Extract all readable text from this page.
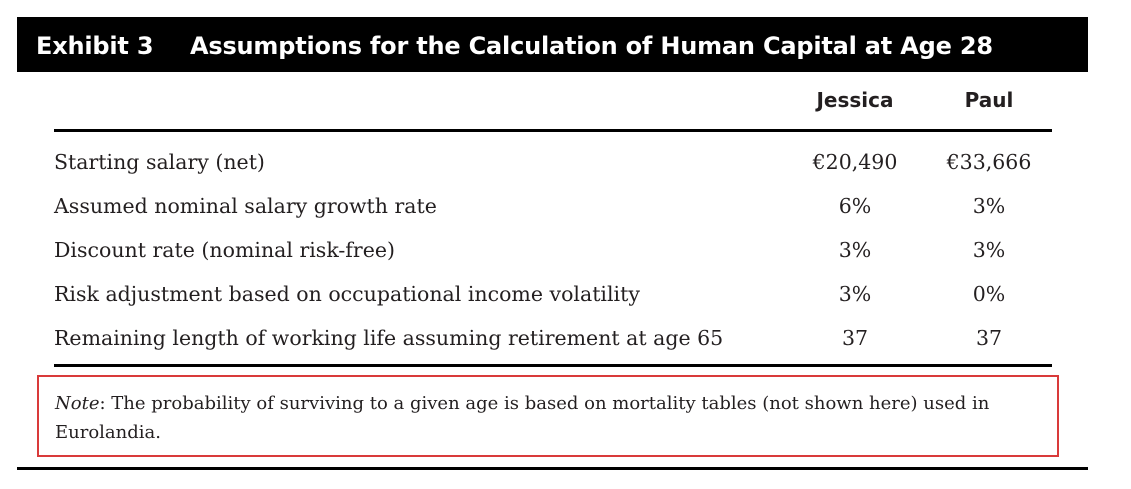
Exhibit 3	Assumptions for the Calculation of Human Capital at Age 28
Jessica	Paul
Starting salary (net)	€20,490	€33,666
Assumed nominal salary growth rate	6%	3%
Discount rate (nominal risk-free)	3%	3%
Risk adjustment based on occupational income volatility	3%	0%
Remaining length of working life assuming retirement at age 65	37	37
Note: The probability of surviving to a given age is based on mortality tables (not shown here) used in Eurolandia.
